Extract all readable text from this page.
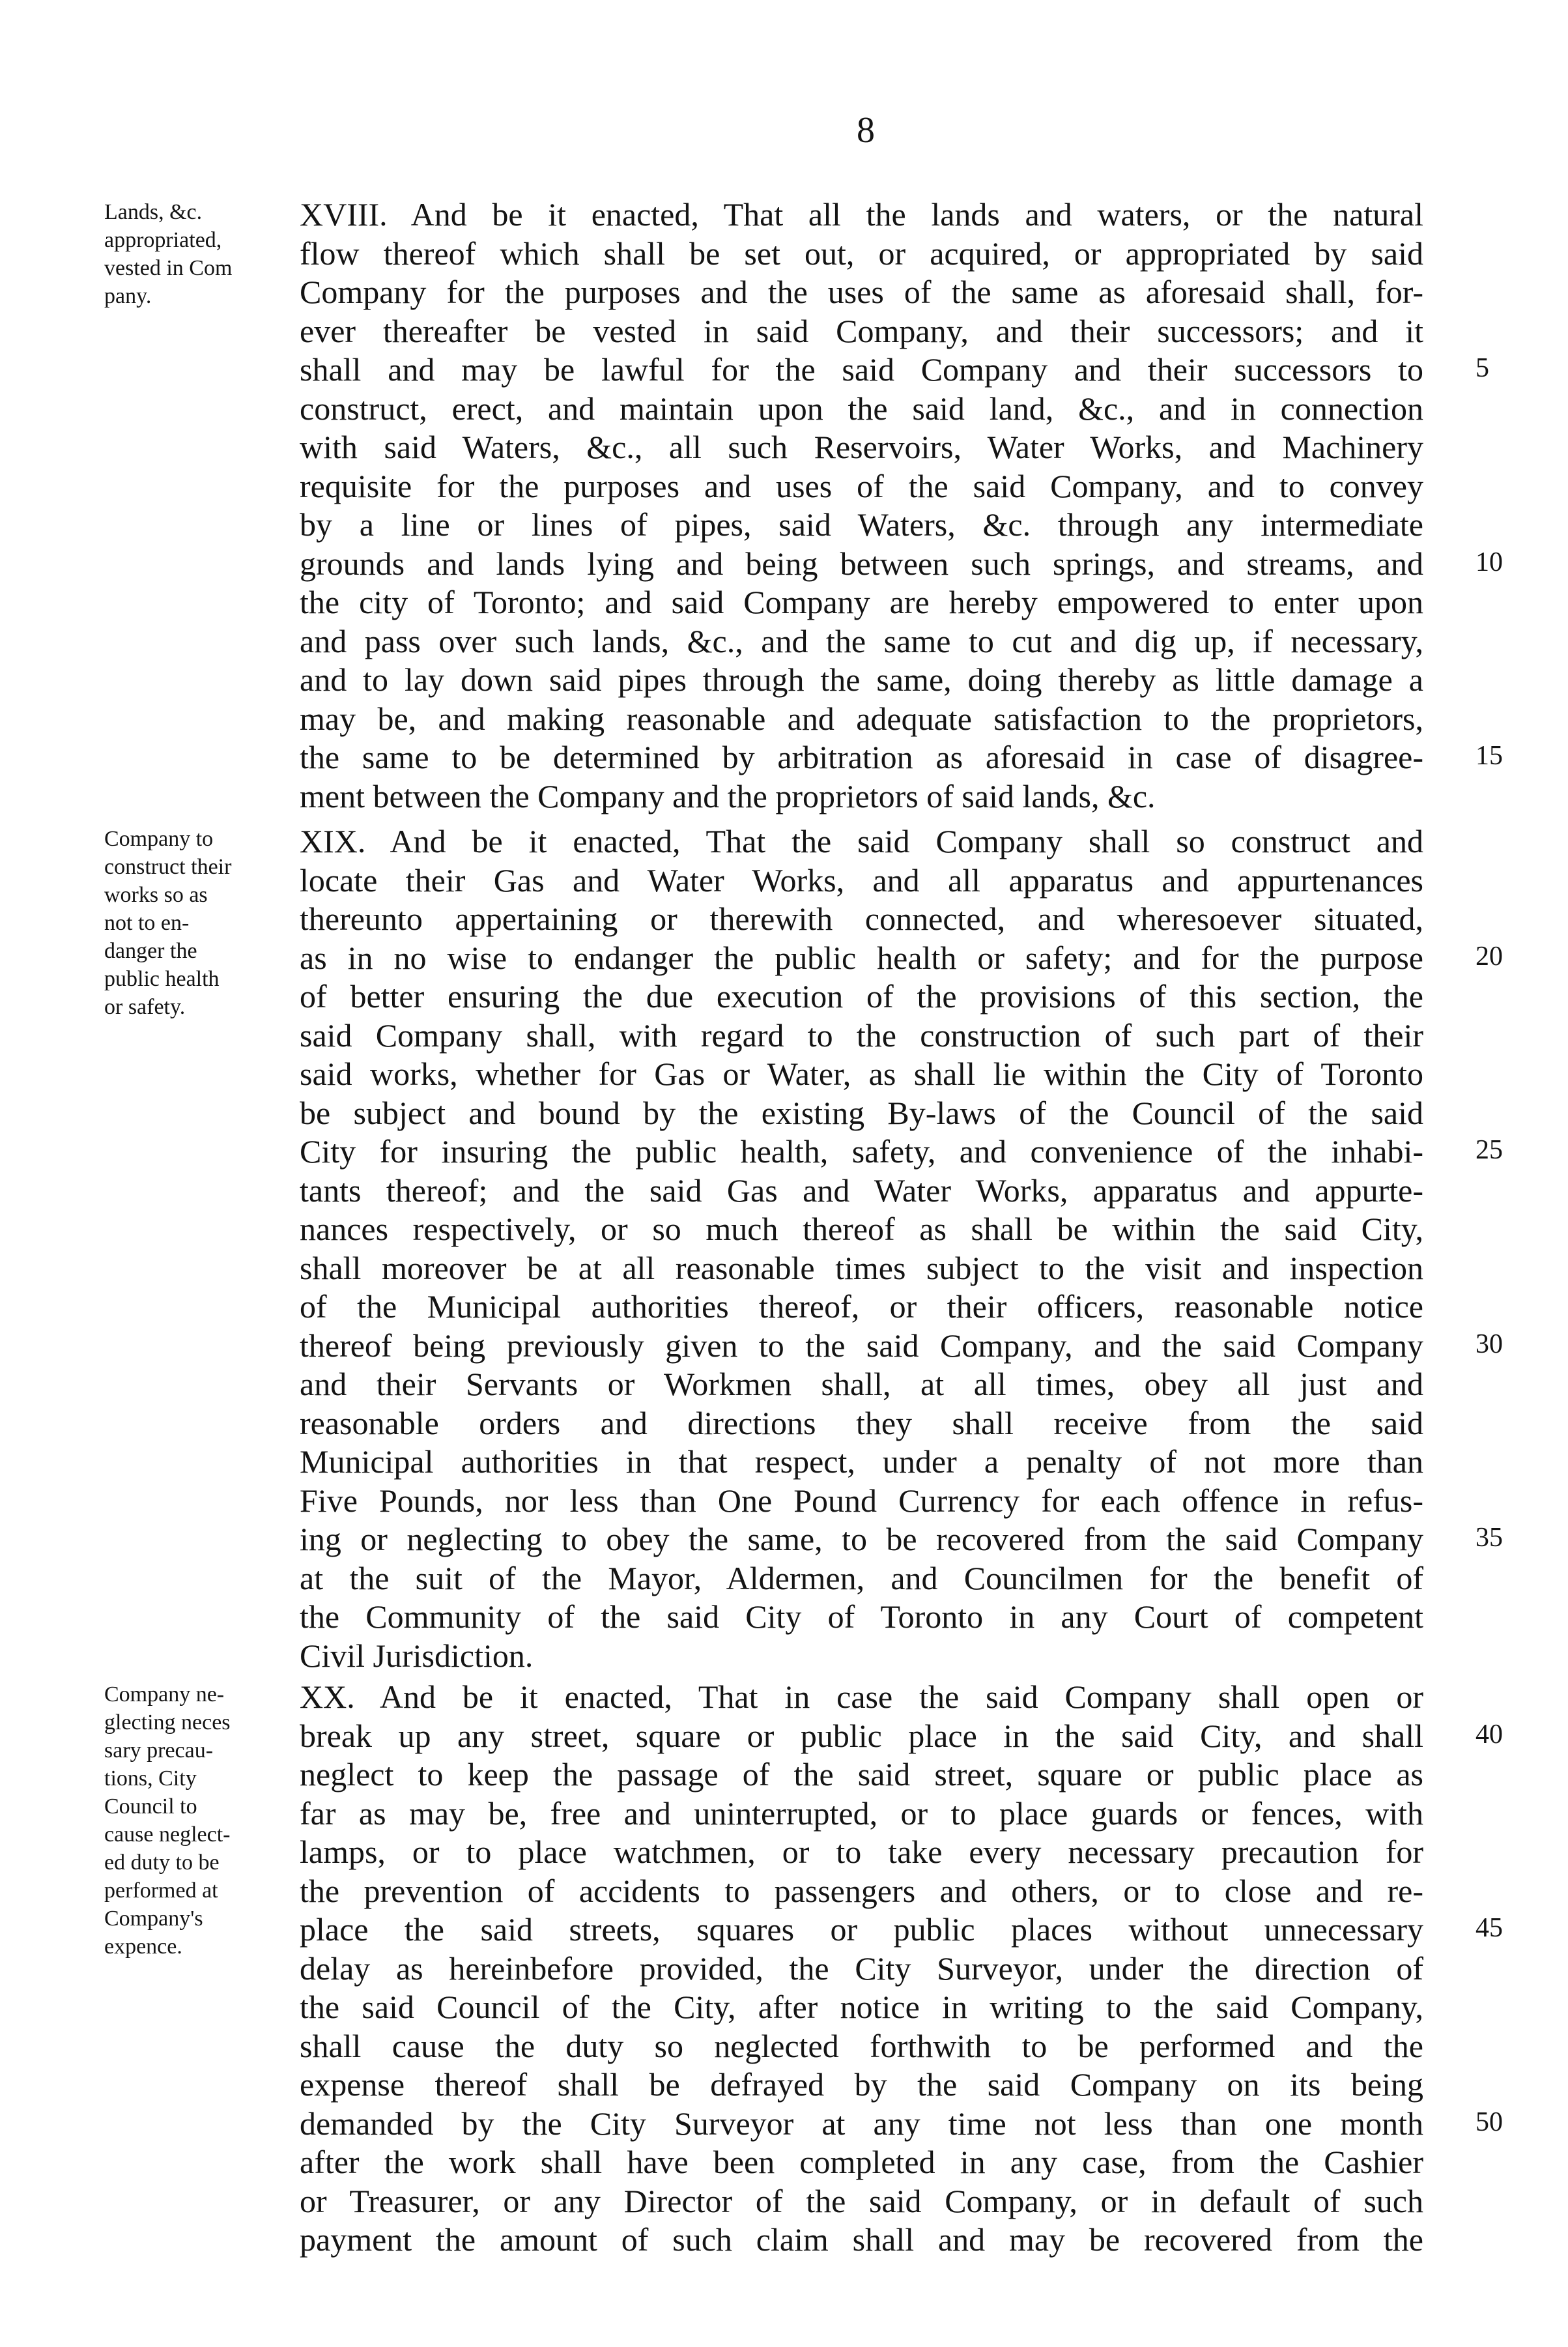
8
Lands, &c.
appropriated,
vested in Com
pany.
XVIII. And be it enacted, That all the lands and waters, or the natural
flow thereof which shall be set out, or acquired, or appropriated by said
Company for the purposes and the uses of the same as aforesaid shall, for-
ever thereafter be vested in said Company, and their successors; and it
shall and may be lawful for the said Company and their successors to
construct, erect, and maintain upon the said land, &c., and in connection
with said Waters, &c., all such Reservoirs, Water Works, and Machinery
requisite for the purposes and uses of the said Company, and to convey
by a line or lines of pipes, said Waters, &c. through any intermediate
grounds and lands lying and being between such springs, and streams, and
the city of Toronto; and said Company are hereby empowered to enter upon
and pass over such lands, &c., and the same to cut and dig up, if necessary,
and to lay down said pipes through the same, doing thereby as little damage a
may be, and making reasonable and adequate satisfaction to the proprietors,
the same to be determined by arbitration as aforesaid in case of disagree-
ment between the Company and the proprietors of said lands, &c.
5
10
15
Company to
construct their
works so as
not to en-
danger the
public health
or safety.
XIX. And be it enacted, That the said Company shall so construct and
locate their Gas and Water Works, and all apparatus and appurtenances
thereunto appertaining or therewith connected, and wheresoever situated,
as in no wise to endanger the public health or safety; and for the purpose
of better ensuring the due execution of the provisions of this section, the
said Company shall, with regard to the construction of such part of their
said works, whether for Gas or Water, as shall lie within the City of Toronto
be subject and bound by the existing By-laws of the Council of the said
City for insuring the public health, safety, and convenience of the inhabi-
tants thereof; and the said Gas and Water Works, apparatus and appurte-
nances respectively, or so much thereof as shall be within the said City,
shall moreover be at all reasonable times subject to the visit and inspection
of the Municipal authorities thereof, or their officers, reasonable notice
thereof being previously given to the said Company, and the said Company
and their Servants or Workmen shall, at all times, obey all just and
reasonable orders and directions they shall receive from the said
Municipal authorities in that respect, under a penalty of not more than
Five Pounds, nor less than One Pound Currency for each offence in refus-
ing or neglecting to obey the same, to be recovered from the said Company
at the suit of the Mayor, Aldermen, and Councilmen for the benefit of
the Community of the said City of Toronto in any Court of competent
Civil Jurisdiction.
20
25
30
35
Company ne-
glecting neces
sary precau-
tions, City
Council to
cause neglect-
ed duty to be
performed at
Company's
expence.
XX. And be it enacted, That in case the said Company shall open or
break up any street, square or public place in the said City, and shall
neglect to keep the passage of the said street, square or public place as
far as may be, free and uninterrupted, or to place guards or fences, with
lamps, or to place watchmen, or to take every necessary precaution for
the prevention of accidents to passengers and others, or to close and re-
place the said streets, squares or public places without unnecessary
delay as hereinbefore provided, the City Surveyor, under the direction of
the said Council of the City, after notice in writing to the said Company,
shall cause the duty so neglected forthwith to be performed and the
expense thereof shall be defrayed by the said Company on its being
demanded by the City Surveyor at any time not less than one month
after the work shall have been completed in any case, from the Cashier
or Treasurer, or any Director of the said Company, or in default of such
payment the amount of such claim shall and may be recovered from the
40
45
50
